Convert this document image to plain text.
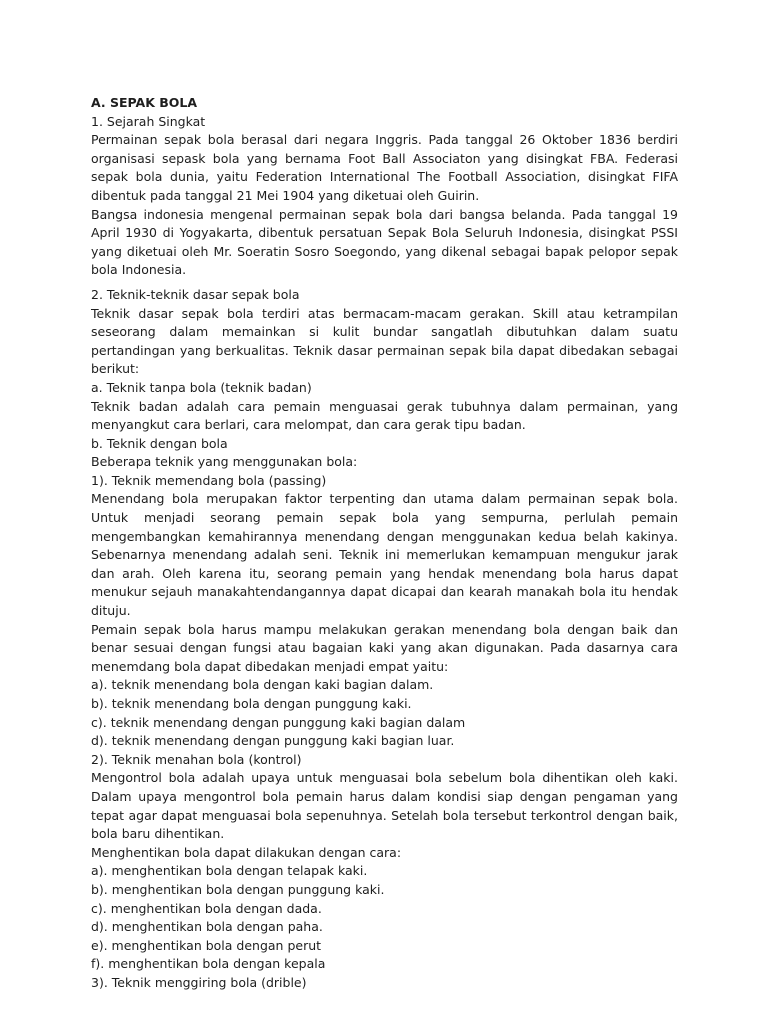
A. SEPAK BOLA

1. Sejarah Singkat

Permainan sepak bola berasal dari negara Inggris. Pada tanggal 26 Oktober 1836 berdiri organisasi sepask bola yang bernama Foot Ball Associaton yang disingkat FBA. Federasi sepak bola dunia, yaitu Federation International The Football Association, disingkat FIFA dibentuk pada tanggal 21 Mei 1904 yang diketuai oleh Guirin.

Bangsa indonesia mengenal permainan sepak bola dari bangsa belanda. Pada tanggal 19 April 1930 di Yogyakarta, dibentuk persatuan Sepak Bola Seluruh Indonesia, disingkat PSSI yang diketuai oleh Mr. Soeratin Sosro Soegondo, yang dikenal sebagai bapak pelopor sepak bola Indonesia.

2. Teknik-teknik dasar sepak bola

Teknik dasar sepak bola terdiri atas bermacam-macam gerakan. Skill atau ketrampilan seseorang dalam memainkan si kulit bundar sangatlah dibutuhkan dalam suatu pertandingan yang berkualitas. Teknik dasar permainan sepak bila dapat dibedakan sebagai berikut:

a. Teknik tanpa bola (teknik badan)

Teknik badan adalah cara pemain menguasai gerak tubuhnya dalam permainan, yang menyangkut cara berlari, cara melompat, dan cara gerak tipu badan.

b. Teknik dengan bola

Beberapa teknik yang menggunakan bola:

1). Teknik memendang bola (passing)

Menendang bola merupakan faktor terpenting dan utama dalam permainan sepak bola. Untuk menjadi seorang pemain sepak bola yang sempurna, perlulah pemain mengembangkan kemahirannya menendang dengan menggunakan kedua belah kakinya. Sebenarnya menendang adalah seni. Teknik ini memerlukan kemampuan mengukur jarak dan arah. Oleh karena itu, seorang pemain yang hendak menendang bola harus dapat menukur sejauh manakahtendangannya dapat dicapai dan kearah manakah bola itu hendak dituju.

Pemain sepak bola harus mampu melakukan gerakan menendang bola dengan baik dan benar sesuai dengan fungsi atau bagaian kaki yang akan digunakan. Pada dasarnya cara menemdang bola dapat dibedakan menjadi empat yaitu:

a). teknik menendang bola dengan kaki bagian dalam.

b). teknik menendang bola dengan punggung kaki.

c). teknik menendang dengan punggung kaki bagian dalam

d). teknik menendang dengan punggung kaki bagian luar.

2). Teknik menahan bola (kontrol)

Mengontrol bola adalah upaya untuk menguasai bola sebelum bola dihentikan oleh kaki. Dalam upaya mengontrol bola pemain harus dalam kondisi siap dengan pengaman yang tepat agar dapat menguasai bola sepenuhnya. Setelah bola tersebut terkontrol dengan baik, bola baru dihentikan.

Menghentikan bola dapat dilakukan dengan cara:

a). menghentikan bola dengan telapak kaki.

b). menghentikan bola dengan punggung kaki.

c). menghentikan bola dengan dada.

d). menghentikan bola dengan paha.

e). menghentikan bola dengan perut

f). menghentikan bola dengan kepala

3). Teknik menggiring bola (drible)
